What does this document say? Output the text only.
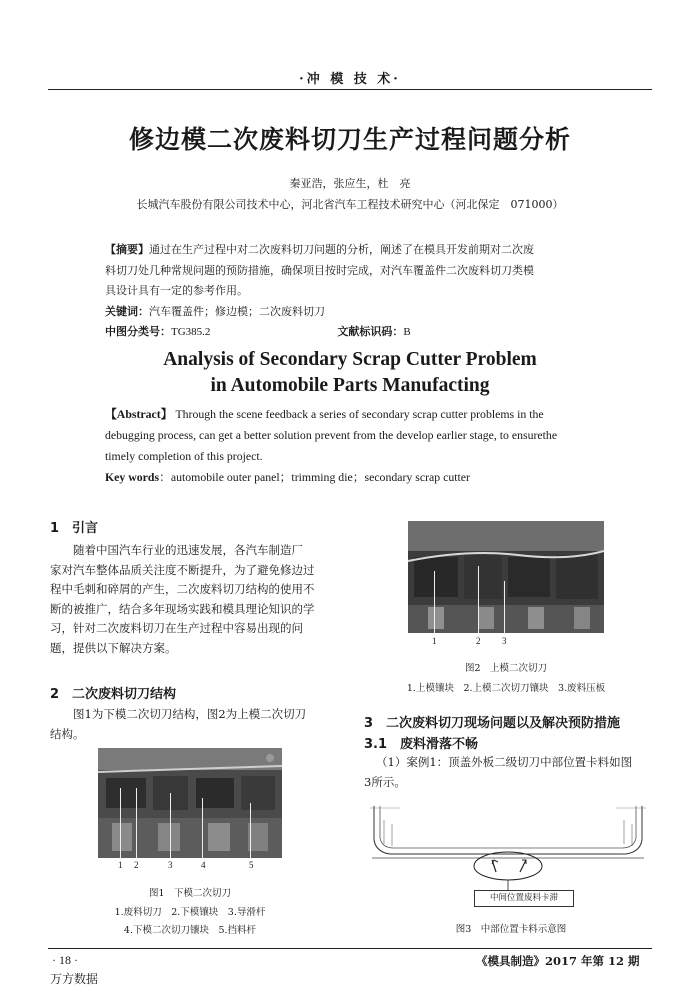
·冲 模 技 术·
修边模二次废料切刀生产过程问题分析
秦亚浩，张应生，杜　亮
长城汽车股份有限公司技术中心，河北省汽车工程技术研究中心（河北保定　071000）
【摘要】通过在生产过程中对二次废料切刀问题的分析，阐述了在模具开发前期对二次废
料切刀处几种常规问题的预防措施，确保项目按时完成，对汽车覆盖件二次废料切刀类模
具设计具有一定的参考作用。
关键词：汽车覆盖件；修边模；二次废料切刀
中图分类号：TG385.2	文献标识码：B
Analysis of Secondary Scrap Cutter Problem
in Automobile Parts Manufacting
【Abstract】 Through the scene feedback a series of secondary scrap cutter problems in the
debugging process, can get a better solution prevent from the develop earlier stage, to ensurethe
timely completion of this project.
Key words：automobile outer panel；trimming die；secondary scrap cutter
1　引言
随着中国汽车行业的迅速发展，各汽车制造厂
家对汽车整体品质关注度不断提升，为了避免修边过
程中毛刺和碎屑的产生，二次废料切刀结构的使用不
断的被推广，结合多年现场实践和模具理论知识的学
习，针对二次废料切刀在生产过程中容易出现的问
题，提供以下解决方案。
2　二次废料切刀结构
图1为下模二次切刀结构，图2为上模二次切刀
结构。
1 2	3	4	5
图1　下模二次切刀
1.废料切刀　2.下模镶块　3.导滑杆
4.下模二次切刀镶块　5.挡料杆
1	2 3
图2　上模二次切刀
1.上模镶块　2.上模二次切刀镶块　3.废料压板
3　二次废料切刀现场问题以及解决预防措施
3.1　废料滑落不畅
（1）案例1：顶盖外板二级切刀中部位置卡料如图
3所示。
中间位置废料卡滞
图3　中部位置卡料示意图
· 18 ·	《模具制造》2017 年第 12 期
万方数据
